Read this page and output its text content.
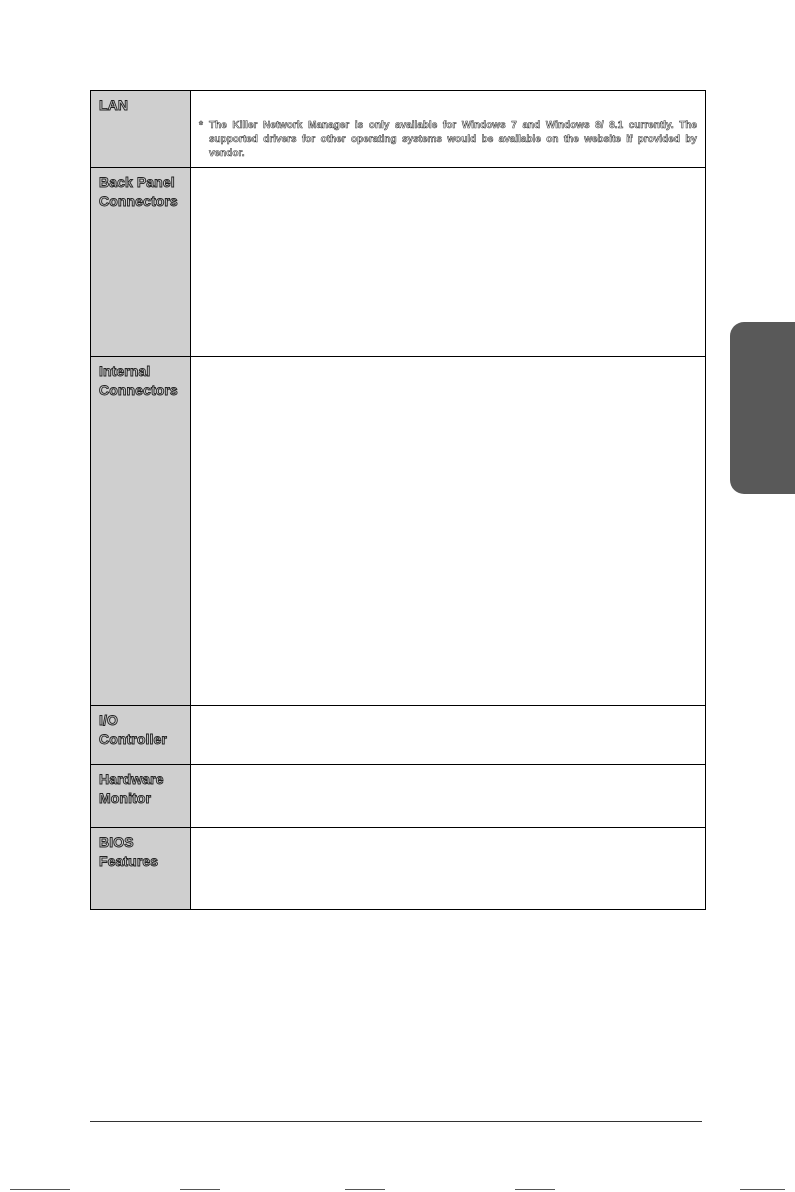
LAN
* The Killer Network Manager is only available for Windows 7 and Windows 8/ 8.1 currently. The supported drivers for other operating systems would be available on the website if provided by vendor.
Back Panel Connectors
Internal Connectors
I/O Controller
Hardware Monitor
BIOS Features
